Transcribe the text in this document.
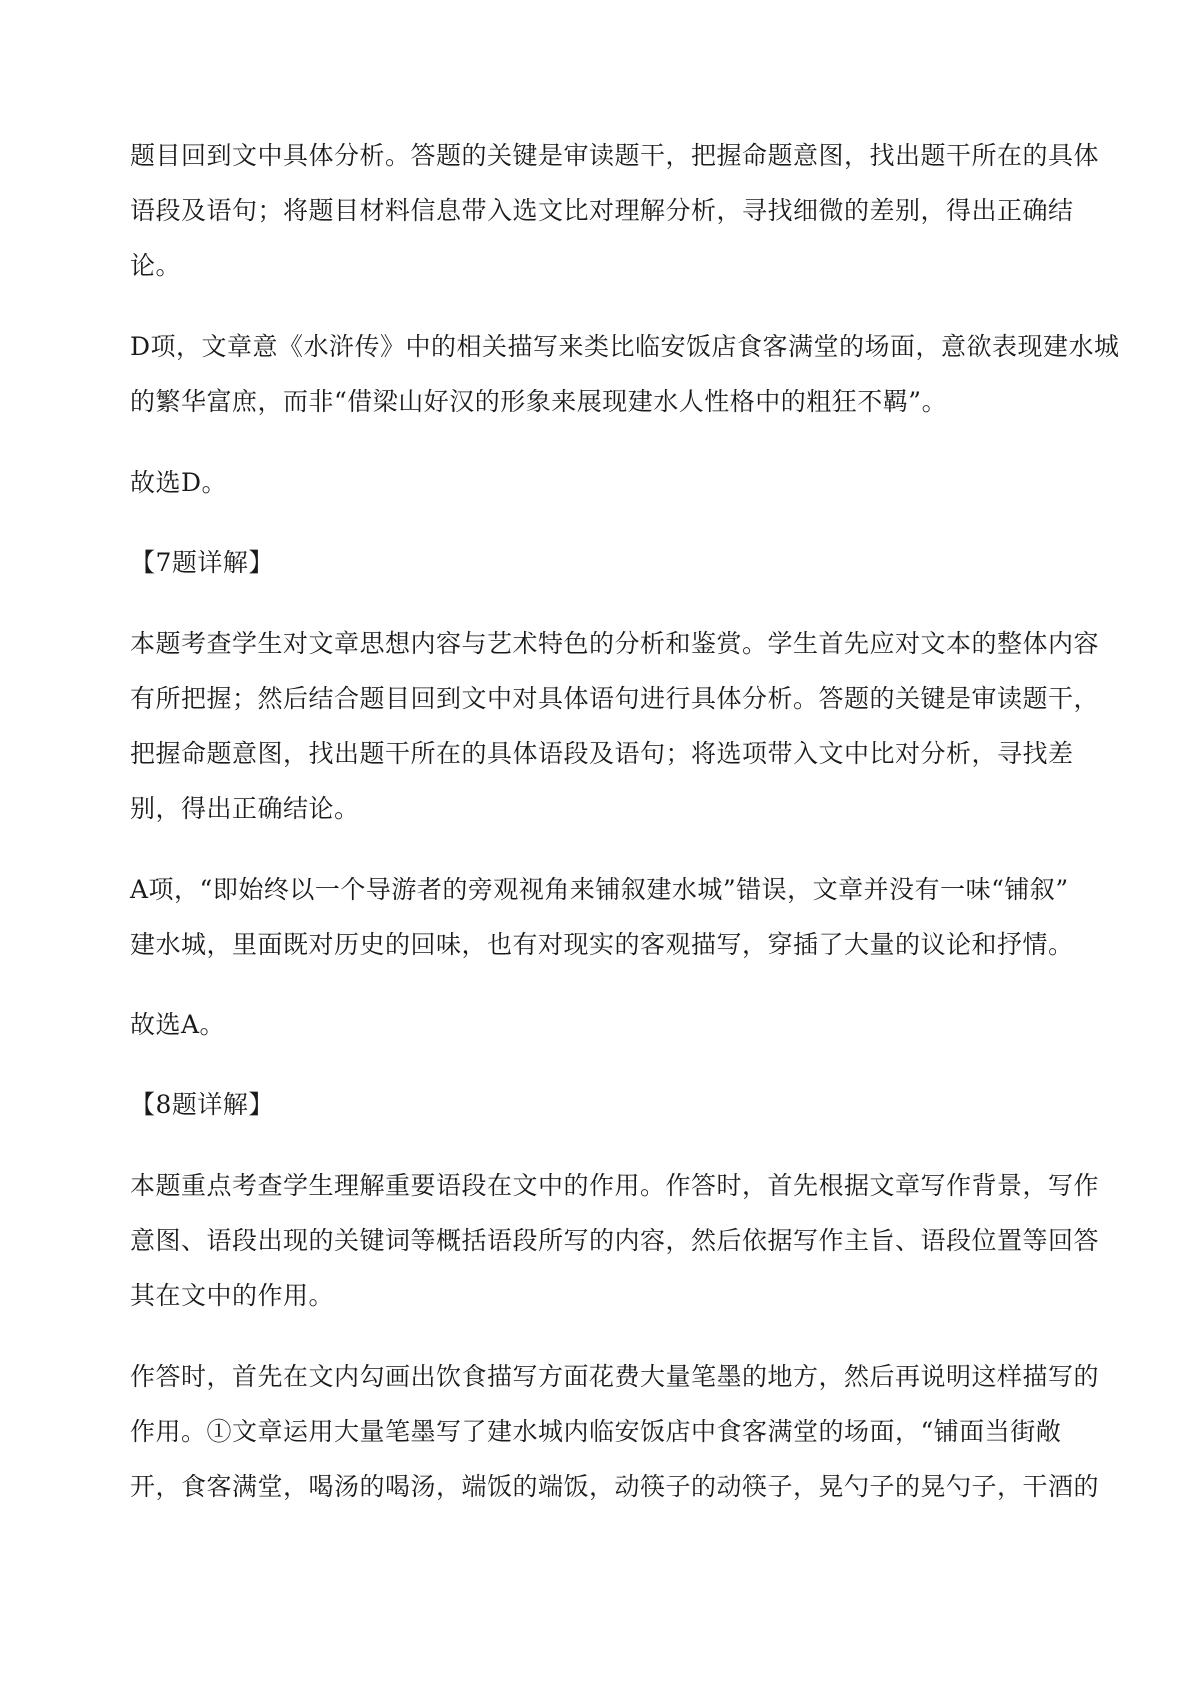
题目回到文中具体分析。答题的关键是审读题干，把握命题意图，找出题干所在的具体
语段及语句；将题目材料信息带入选文比对理解分析，寻找细微的差别，得出正确结
论。
D项，文章意《水浒传》中的相关描写来类比临安饭店食客满堂的场面，意欲表现建水城
的繁华富庶，而非“借梁山好汉的形象来展现建水人性格中的粗狂不羁”。
故选D。
【7题详解】
本题考查学生对文章思想内容与艺术特色的分析和鉴赏。学生首先应对文本的整体内容
有所把握；然后结合题目回到文中对具体语句进行具体分析。答题的关键是审读题干，
把握命题意图，找出题干所在的具体语段及语句；将选项带入文中比对分析，寻找差
别，得出正确结论。
A项，“即始终以一个导游者的旁观视角来铺叙建水城”错误，文章并没有一味“铺叙”
建水城，里面既对历史的回味，也有对现实的客观描写，穿插了大量的议论和抒情。
故选A。
【8题详解】
本题重点考查学生理解重要语段在文中的作用。作答时，首先根据文章写作背景，写作
意图、语段出现的关键词等概括语段所写的内容，然后依据写作主旨、语段位置等回答
其在文中的作用。
作答时，首先在文内勾画出饮食描写方面花费大量笔墨的地方，然后再说明这样描写的
作用。①文章运用大量笔墨写了建水城内临安饭店中食客满堂的场面，“铺面当街敞
开，食客满堂，喝汤的喝汤，端饭的端饭，动筷子的动筷子，晃勺子的晃勺子，干酒的
